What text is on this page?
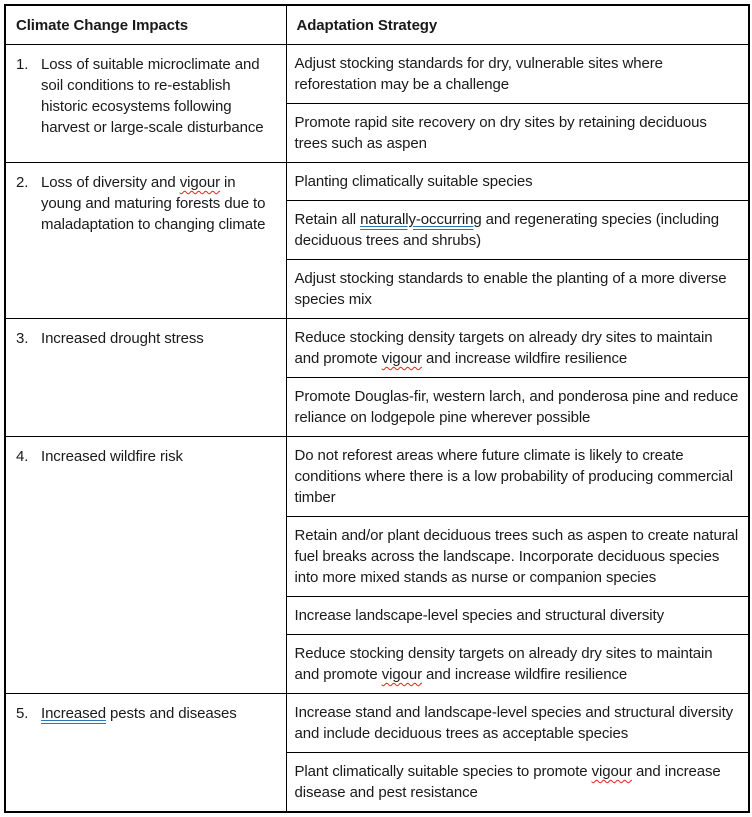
Climate Change Impacts	Adaptation Strategy

1. Loss of suitable microclimate and soil conditions to re-establish historic ecosystems following harvest or large-scale disturbance	Adjust stocking standards for dry, vulnerable sites where reforestation may be a challenge
	Promote rapid site recovery on dry sites by retaining deciduous trees such as aspen

2. Loss of diversity and vigour in young and maturing forests due to maladaptation to changing climate	Planting climatically suitable species
	Retain all naturally-occurring and regenerating species (including deciduous trees and shrubs)
	Adjust stocking standards to enable the planting of a more diverse species mix

3. Increased drought stress	Reduce stocking density targets on already dry sites to maintain and promote vigour and increase wildfire resilience
	Promote Douglas-fir, western larch, and ponderosa pine and reduce reliance on lodgepole pine wherever possible

4. Increased wildfire risk	Do not reforest areas where future climate is likely to create conditions where there is a low probability of producing commercial timber
	Retain and/or plant deciduous trees such as aspen to create natural fuel breaks across the landscape. Incorporate deciduous species into more mixed stands as nurse or companion species
	Increase landscape-level species and structural diversity
	Reduce stocking density targets on already dry sites to maintain and promote vigour and increase wildfire resilience

5. Increased pests and diseases	Increase stand and landscape-level species and structural diversity and include deciduous trees as acceptable species
	Plant climatically suitable species to promote vigour and increase disease and pest resistance
